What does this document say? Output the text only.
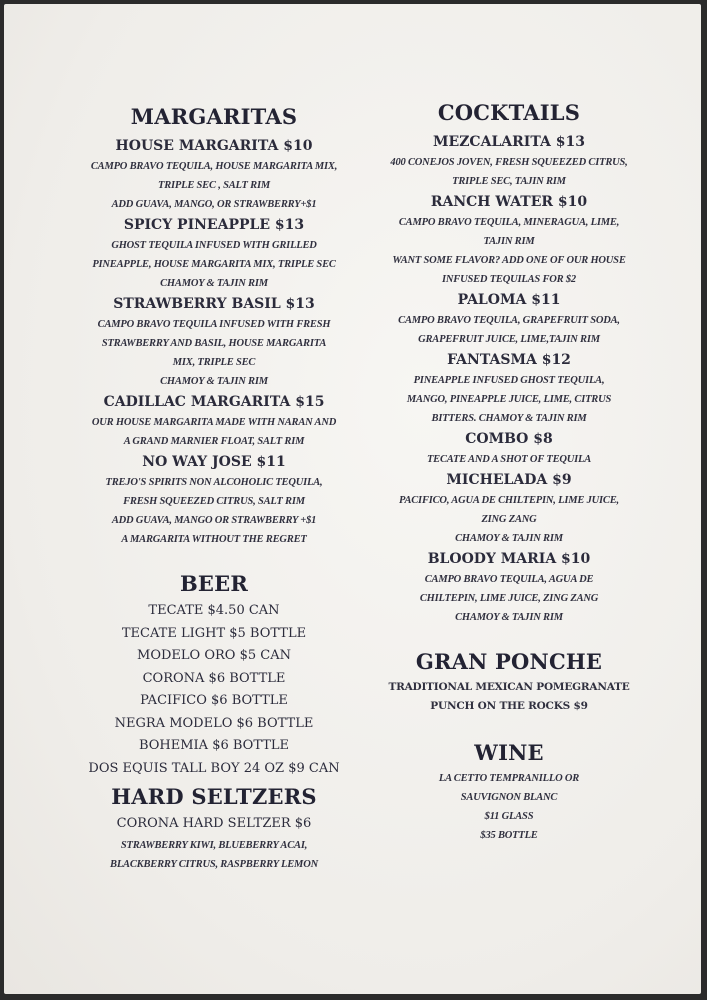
MARGARITAS

HOUSE MARGARITA $10

CAMPO BRAVO TEQUILA, HOUSE MARGARITA MIX,

TRIPLE SEC , SALT RIM

ADD GUAVA, MANGO, OR STRAWBERRY+$1

SPICY PINEAPPLE $13

GHOST TEQUILA INFUSED WITH GRILLED

PINEAPPLE, HOUSE MARGARITA MIX, TRIPLE SEC

CHAMOY & TAJIN RIM

STRAWBERRY BASIL $13

CAMPO BRAVO TEQUILA INFUSED WITH FRESH

STRAWBERRY AND BASIL, HOUSE MARGARITA

MIX, TRIPLE SEC

CHAMOY & TAJIN RIM

CADILLAC MARGARITA $15

OUR HOUSE MARGARITA MADE WITH NARAN AND

A GRAND MARNIER FLOAT, SALT RIM

NO WAY JOSE $11

TREJO'S SPIRITS NON ALCOHOLIC TEQUILA,

FRESH SQUEEZED CITRUS, SALT RIM

ADD GUAVA, MANGO OR STRAWBERRY +$1

A MARGARITA WITHOUT THE REGRET

BEER

TECATE $4.50 CAN

TECATE LIGHT $5 BOTTLE

MODELO ORO $5 CAN

CORONA $6 BOTTLE

PACIFICO $6 BOTTLE

NEGRA MODELO $6 BOTTLE

BOHEMIA $6 BOTTLE

DOS EQUIS TALL BOY 24 OZ $9 CAN

HARD SELTZERS

CORONA HARD SELTZER $6

STRAWBERRY KIWI, BLUEBERRY ACAI,

BLACKBERRY CITRUS, RASPBERRY LEMON

COCKTAILS

MEZCALARITA $13

400 CONEJOS JOVEN, FRESH SQUEEZED CITRUS,

TRIPLE SEC, TAJIN RIM

RANCH WATER $10

CAMPO BRAVO TEQUILA, MINERAGUA, LIME,

TAJIN RIM

WANT SOME FLAVOR? ADD ONE OF OUR HOUSE

INFUSED TEQUILAS FOR $2

PALOMA $11

CAMPO BRAVO TEQUILA, GRAPEFRUIT SODA,

GRAPEFRUIT JUICE, LIME,TAJIN RIM

FANTASMA $12

PINEAPPLE INFUSED GHOST TEQUILA,

MANGO, PINEAPPLE JUICE, LIME, CITRUS

BITTERS. CHAMOY & TAJIN RIM

COMBO $8

TECATE AND A SHOT OF TEQUILA

MICHELADA $9

PACIFICO, AGUA DE CHILTEPIN, LIME JUICE,

ZING ZANG

CHAMOY & TAJIN RIM

BLOODY MARIA $10

CAMPO BRAVO TEQUILA, AGUA DE

CHILTEPIN, LIME JUICE, ZING ZANG

CHAMOY & TAJIN RIM

GRAN PONCHE

TRADITIONAL MEXICAN POMEGRANATE

PUNCH ON THE ROCKS $9

WINE

LA CETTO TEMPRANILLO OR

SAUVIGNON BLANC

$11 GLASS

$35 BOTTLE
